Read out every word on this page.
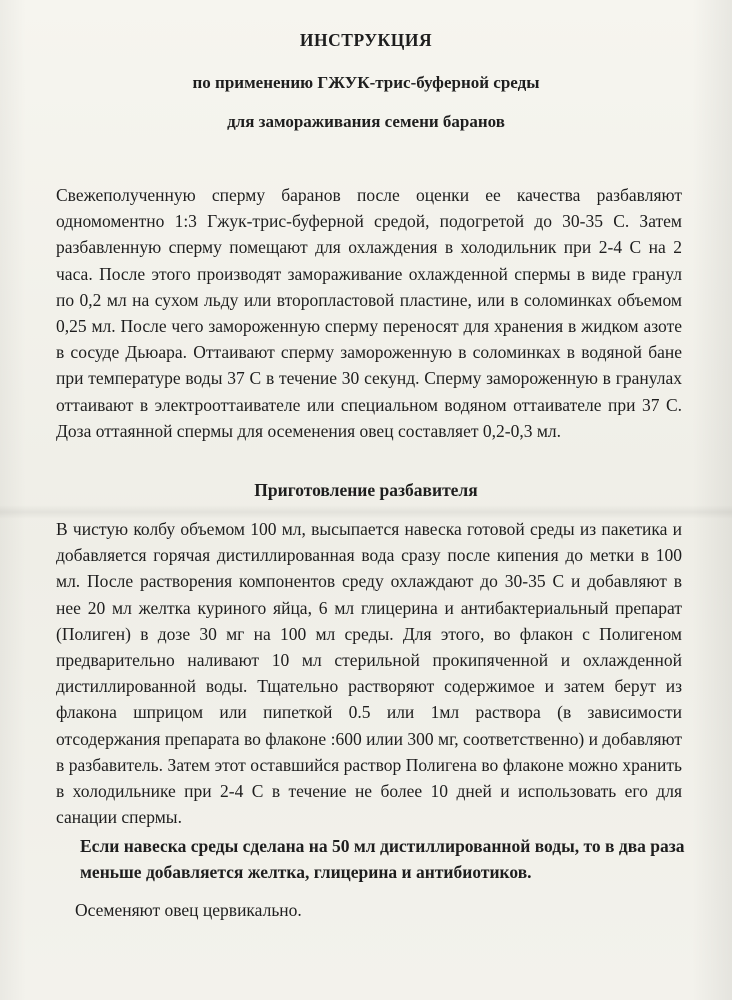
ИНСТРУКЦИЯ
по применению ГЖУК-трис-буферной среды
для замораживания семени баранов
Свежеполученную сперму баранов после оценки ее качества разбавляют одномоментно 1:3 Гжук-трис-буферной средой, подогретой до 30-35 С. Затем разбавленную сперму помещают для охлаждения в холодильник при 2-4 С на 2 часа. После этого производят замораживание охлажденной спермы в виде гранул по 0,2 мл на сухом льду или второпластовой пластине, или в соломинках объемом 0,25 мл. После чего замороженную сперму переносят для хранения в жидком азоте в сосуде Дьюара. Оттаивают сперму замороженную в соломинках в водяной бане при температуре воды 37 С в течение 30 секунд. Сперму замороженную в гранулах оттаивают в электрооттаивателе или специальном водяном оттаивателе при 37 С. Доза оттаянной спермы для осеменения овец составляет 0,2-0,3 мл.
Приготовление разбавителя
В чистую колбу объемом 100 мл, высыпается навеска готовой среды из пакетика и добавляется горячая дистиллированная вода сразу после кипения до метки в 100 мл. После растворения компонентов среду охлаждают до 30-35 С и добавляют в нее 20 мл желтка куриного яйца, 6 мл глицерина и антибактериальный препарат (Полиген) в дозе 30 мг на 100 мл среды. Для этого, во флакон с Полигеном предварительно наливают 10 мл стерильной прокипяченной и охлажденной дистиллированной воды. Тщательно растворяют содержимое и затем берут из флакона шприцом или пипеткой 0.5 или 1мл раствора (в зависимости отсодержания препарата во флаконе :600 илии 300 мг, соответственно) и добавляют в разбавитель. Затем этот оставшийся раствор Полигена во флаконе можно хранить в холодильнике при 2-4 С в течение не более 10 дней и использовать его для санации спермы.
Если навеска среды сделана на 50 мл дистиллированной воды, то в два раза меньше добавляется желтка, глицерина и антибиотиков.
Осеменяют овец цервикально.
